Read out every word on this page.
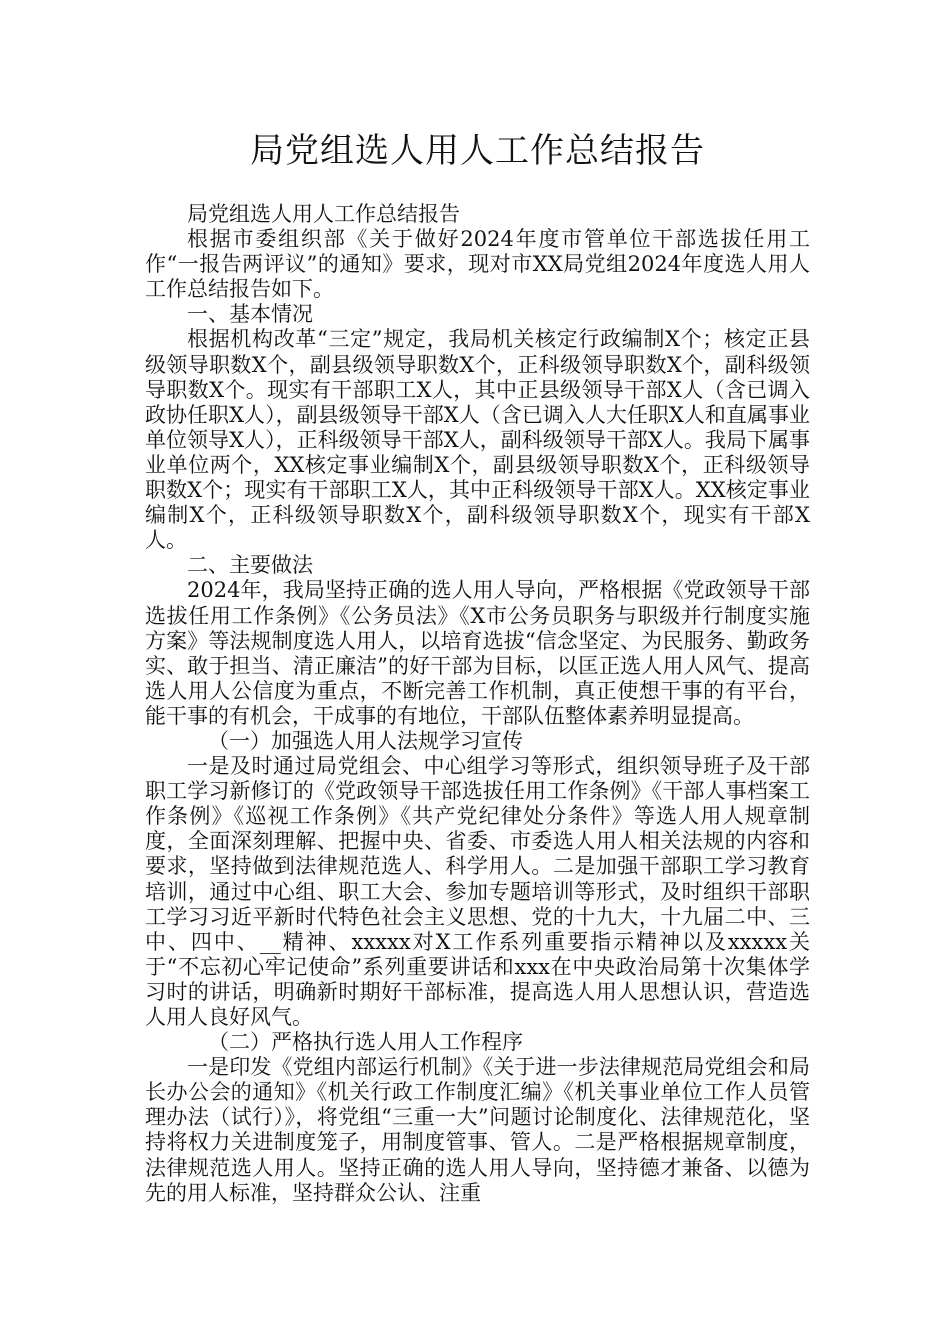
局党组选人用人工作总结报告

局党组选人用人工作总结报告

根据市委组织部《关于做好2024年度市管单位干部选拔任用工作“一报告两评议”的通知》要求，现对市XX局党组2024年度选人用人工作总结报告如下。

一、基本情况

根据机构改革“三定”规定，我局机关核定行政编制X个；核定正县级领导职数X个，副县级领导职数X个，正科级领导职数X个，副科级领导职数X个。现实有干部职工X人，其中正县级领导干部X人（含已调入政协任职X人），副县级领导干部X人（含已调入人大任职X人和直属事业单位领导X人），正科级领导干部X人，副科级领导干部X人。我局下属事业单位两个，XX核定事业编制X个，副县级领导职数X个，正科级领导职数X个；现实有干部职工X人，其中正科级领导干部X人。XX核定事业编制X个，正科级领导职数X个，副科级领导职数X个，现实有干部X人。

二、主要做法

2024年，我局坚持正确的选人用人导向，严格根据《党政领导干部选拔任用工作条例》《公务员法》《X市公务员职务与职级并行制度实施方案》等法规制度选人用人，以培育选拔“信念坚定、为民服务、勤政务实、敢于担当、清正廉洁”的好干部为目标，以匡正选人用人风气、提高选人用人公信度为重点，不断完善工作机制，真正使想干事的有平台，能干事的有机会，干成事的有地位，干部队伍整体素养明显提高。

（一）加强选人用人法规学习宣传

一是及时通过局党组会、中心组学习等形式，组织领导班子及干部职工学习新修订的《党政领导干部选拔任用工作条例》《干部人事档案工作条例》《巡视工作条例》《共产党纪律处分条件》等选人用人规章制度，全面深刻理解、把握中央、省委、市委选人用人相关法规的内容和要求，坚持做到法律规范选人、科学用人。二是加强干部职工学习教育培训，通过中心组、职工大会、参加专题培训等形式，及时组织干部职工学习习近平新时代特色社会主义思想、党的十九大，十九届二中、三中、四中、__精神、xxxxx对X工作系列重要指示精神以及xxxxx关于“不忘初心牢记使命”系列重要讲话和xxx在中央政治局第十次集体学习时的讲话，明确新时期好干部标准，提高选人用人思想认识，营造选人用人良好风气。

（二）严格执行选人用人工作程序

一是印发《党组内部运行机制》《关于进一步法律规范局党组会和局长办公会的通知》《机关行政工作制度汇编》《机关事业单位工作人员管理办法（试行）》，将党组“三重一大”问题讨论制度化、法律规范化，坚持将权力关进制度笼子，用制度管事、管人。二是严格根据规章制度，法律规范选人用人。坚持正确的选人用人导向，坚持德才兼备、以德为先的用人标准，坚持群众公认、注重
